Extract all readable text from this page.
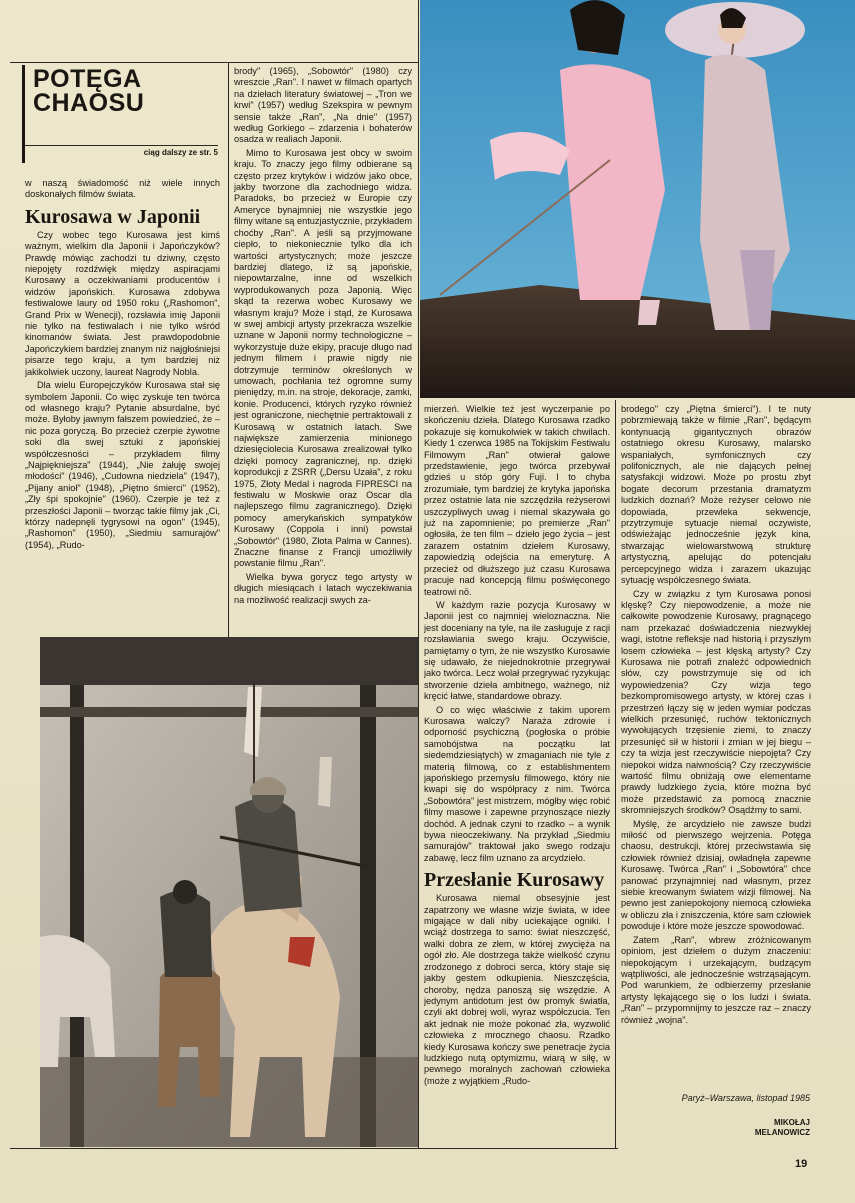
POTĘGA
CHAOSU
ciąg dalszy ze str. 5

w naszą świadomość niż wiele innych doskonałych filmów świata.

Kurosawa w Japonii

Czy wobec tego Kurosawa jest kimś ważnym, wielkim dla Japonii i Japończyków? Prawdę mówiąc zachodzi tu dziwny, często niepojęty rozdźwięk między aspiracjami Kurosawy a oczekiwaniami producentów i widzów japońskich. Kurosawa zdobywa festiwalowe laury od 1950 roku („Rashomon", Grand Prix w Wenecji), rozsławia imię Japonii nie tylko na festiwalach i nie tylko wśród kinomanów świata. Jest prawdopodobnie Japończykiem bardziej znanym niż najgłośniejsi pisarze tego kraju, a tym bardziej niż jakikolwiek uczony, laureat Nagrody Nobla.

Dla wielu Europejczyków Kurosawa stał się symbolem Japonii. Co więc zyskuje ten twórca od własnego kraju? Pytanie absurdalne, być może. Byłoby jawnym fałszem powiedzieć, że – nic poza goryczą. Bo przecież czerpie żywotne soki dla swej sztuki z japońskiej współczesności – przykładem filmy „Najpiękniejsza" (1944), „Nie żałuję swojej młodości" (1946), „Cudowna niedziela" (1947), „Pijany anioł" (1948), „Piętno śmierci" (1952), „Zły śpi spokojnie" (1960). Czerpie je też z przeszłości Japonii – tworząc takie filmy jak „Ci, którzy nadepnęli tygrysowi na ogon" (1945), „Rashomon" (1950), „Siedmiu samurajów" (1954), „Rudo-

brody" (1965), „Sobowtór" (1980) czy wreszcie „Ran". I nawet w filmach opartych na dziełach literatury światowej – „Tron we krwi" (1957) według Szekspira w pewnym sensie także „Ran", „Na dnie" (1957) według Gorkiego – zdarzenia i bohaterów osadza w realiach Japonii.

Mimo to Kurosawa jest obcy w swoim kraju. To znaczy jego filmy odbierane są często przez krytyków i widzów jako obce, jakby tworzone dla zachodniego widza. Paradoks, bo przecież w Europie czy Ameryce bynajmniej nie wszystkie jego filmy witane są entuzjastycznie, przykładem choćby „Ran". A jeśli są przyjmowane ciepło, to niekoniecznie tylko dla ich wartości artystycznych; może jeszcze bardziej dlatego, iż są japońskie, niepowtarzalne, inne od wszelkich wyprodukowanych poza Japonią. Więc skąd ta rezerwa wobec Kurosawy we własnym kraju? Może i stąd, że Kurosawa w swej ambicji artysty przekracza wszelkie uznane w Japonii normy technologiczne – wykorzystuje duże ekipy, pracuje długo nad jednym filmem i prawie nigdy nie dotrzymuje terminów określonych w umowach, pochłania też ogromne sumy pieniędzy, m.in. na stroje, dekoracje, zamki, konie. Producenci, których ryzyko również jest ograniczone, niechętnie pertraktowali z Kurosawą w ostatnich latach. Swe największe zamierzenia minionego dziesięciolecia Kurosawa zrealizował tylko dzięki pomocy zagranicznej, np. dzięki koprodukcji z ZSRR („Dersu Uzała", z roku 1975, Złoty Medal i nagroda FIPRESCI na festiwalu w Moskwie oraz Oscar dla najlepszego filmu zagranicznego). Dzięki pomocy amerykańskich sympatyków Kurosawy (Coppola i inni) powstał „Sobowtór" (1980, Złota Palma w Cannes). Znaczne finanse z Francji umożliwiły powstanie filmu „Ran".

Wielka bywa gorycz tego artysty w długich miesiącach i latach wyczekiwania na możliwość realizacji swych za-

mierzeń. Wielkie też jest wyczerpanie po skończeniu dzieła. Dlatego Kurosawa rzadko pokazuje się komukolwiek w takich chwilach. Kiedy 1 czerwca 1985 na Tokijskim Festiwalu Filmowym „Ran" otwierał galowe przedstawienie, jego twórca przebywał gdzieś u stóp góry Fuji. I to chyba zrozumiałe, tym bardziej że krytyka japońska przez ostatnie lata nie szczędziła reżyserowi uszczypliwych uwag i niemal skazywała go już na zapomnienie; po premierze „Ran" ogłosiła, że ten film – dzieło jego życia – jest zarazem ostatnim dziełem Kurosawy, zapowiedzią odejścia na emeryturę. A przecież od dłuższego już czasu Kurosawa pracuje nad koncepcją filmu poświęconego teatrowi nō.

W każdym razie pozycja Kurosawy w Japonii jest co najmniej wieloznaczna. Nie jest doceniany na tyle, na ile zasługuje z racji rozsławiania swego kraju. Oczywiście, pamiętamy o tym, że nie wszystko Kurosawie się udawało, że niejednokrotnie przegrywał jako twórca. Lecz wolał przegrywać ryzykując stworzenie dzieła ambitnego, ważnego, niż kręcić łatwe, standardowe obrazy.

O co więc właściwie z takim uporem Kurosawa walczy? Naraża zdrowie i odporność psychiczną (pogłoska o próbie samobójstwa na początku lat siedemdziesiątych) w zmaganiach nie tyle z materią filmową, co z establishmentem japońskiego przemysłu filmowego, który nie kwapi się do współpracy z nim. Twórca „Sobowtóra" jest mistrzem, mógłby więc robić filmy masowe i zapewne przynoszące niezły dochód. A jednak czyni to rzadko – a wynik bywa nieoczekiwany. Na przykład „Siedmiu samurajów" traktował jako swego rodzaju zabawę, lecz film uznano za arcydzieło.

Przesłanie Kurosawy

Kurosawa niemal obsesyjnie jest zapatrzony we własne wizje świata, w idee migające w dali niby uciekające ogniki. I wciąż dostrzega to samo: świat nieszczęść, walki dobra ze złem, w której zwycięża na ogół zło. Ale dostrzega także wielkość czynu zrodzonego z dobroci serca, który staje się jakby gestem odkupienia. Nieszczęścia, choroby, nędza panoszą się wszędzie. A jedynym antidotum jest ów promyk światła, czyli akt dobrej woli, wyraz współczucia. Ten akt jednak nie może pokonać zła, wyzwolić człowieka z mrocznego chaosu. Rzadko kiedy Kurosawa kończy swe penetracje życia ludzkiego nutą optymizmu, wiarą w siłę, w pewnego moralnych zachowań człowieka (może z wyjątkiem „Rudo-

brodego" czy „Piętna śmierci"). I te nuty pobrzmiewają także w filmie „Ran", będącym kontynuacją gigantycznych obrazów ostatniego okresu Kurosawy, malarsko wspaniałych, symfonicznych czy polifonicznych, ale nie dających pełnej satysfakcji widzowi. Może po prostu zbyt bogate decorum przestania dramatyzm ludzkich doznań? Może reżyser celowo nie dopowiada, przewleka sekwencje, przytrzymuje sytuacje niemal oczywiste, odświeżając jednocześnie język kina, stwarzając wielowarstwową strukturę artystyczną, apelując do potencjału percepcyjnego widza i zarazem ukazując sytuację współczesnego świata.

Czy w związku z tym Kurosawa ponosi klęskę? Czy niepowodzenie, a może nie całkowite powodzenie Kurosawy, pragnącego nam przekazać doświadczenia niezwykłej wagi, istotne refleksje nad historią i przyszłym losem człowieka – jest klęską artysty? Czy Kurosawa nie potrafi znaleźć odpowiednich słów, czy powstrzymuje się od ich wypowiedzenia? Czy wizja tego bezkompromisowego artysty, w której czas i przestrzeń łączy się w jeden wymiar podczas wielkich przesunięć, ruchów tektonicznych wywołujących trzęsienie ziemi, to znaczy przesunięć sił w historii i zmian w jej biegu – czy ta wizja jest rzeczywiście niepojęta? Czy niepokoi widza naiwnością? Czy rzeczywiście wartość filmu obniżają owe elementarne prawdy ludzkiego życia, które można być może przedstawić za pomocą znacznie skromniejszych środków? Osądźmy to sami.

Myślę, że arcydzieło nie zawsze budzi miłość od pierwszego wejrzenia. Potęga chaosu, destrukcji, której przeciwstawia się człowiek również dzisiaj, owładnęła zapewne Kurosawę. Twórca „Ran" i „Sobowtóra" chce panować przynajmniej nad własnym, przez siebie kreowanym światem wizji filmowej. Na pewno jest zaniepokojony niemocą człowieka w obliczu zła i zniszczenia, które sam człowiek powoduje i które może jeszcze spowodować.

Zatem „Ran", wbrew zróżnicowanym opiniom, jest dziełem o dużym znaczeniu: niepokojącym i urzekającym, budzącym wątpliwości, ale jednocześnie wstrząsającym. Pod warunkiem, że odbierzemy przesłanie artysty lękającego się o los ludzi i świata. „Ran" – przypomnijmy to jeszcze raz – znaczy również „wojna".

Paryż–Warszawa, listopad 1985
MIKOŁAJ
MELANOWICZ
19
